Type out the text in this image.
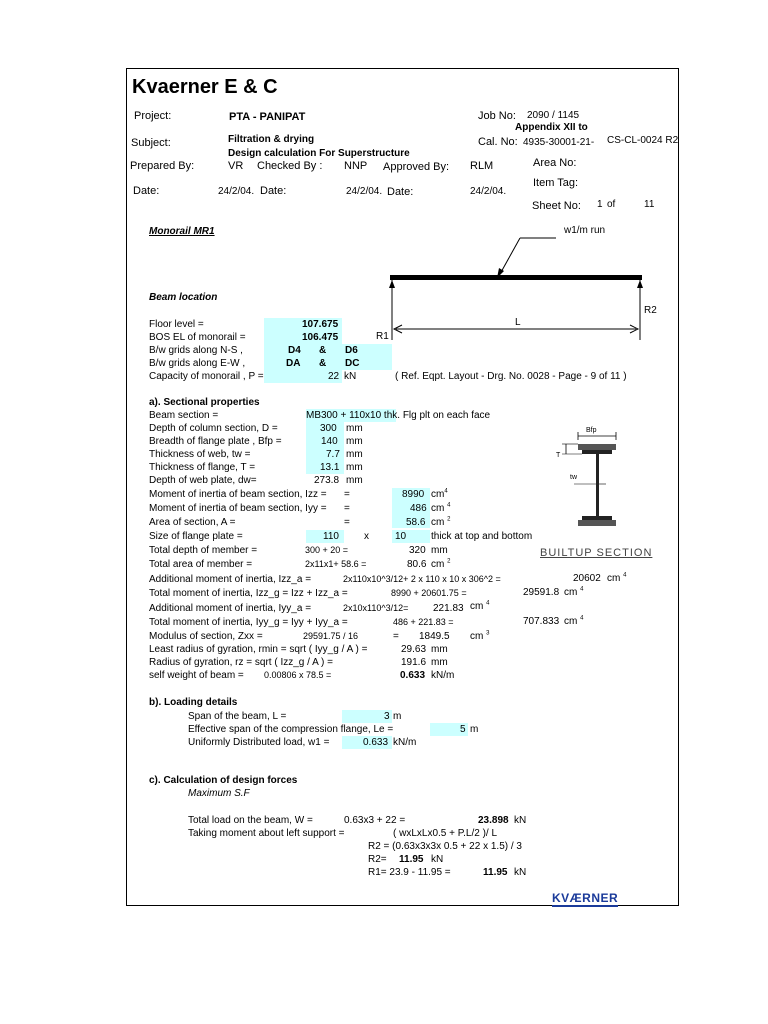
Kvaerner E & C
Project:	PTA - PANIPAT	Job No: 2090 / 1145
Appendix XII to
Subject:	Filtration & drying
Design calculation For Superstructure
Cal. No: 4935-30001-21- CS-CL-0024 R2
Prepared By:	VR Checked By : NNP Approved By: RLM	Area No:
Date:	24/2/04. Date:	24/2/04. Date:	24/2/04.
Item Tag:
Sheet No: 1 of	11
Monorail MR1	w1/m run
L
R1
R2
Beam location
Floor level =	107.675
BOS EL of monorail =	106.475
B/w grids along N-S ,	D4 & D6
B/w grids along E-W ,	DA & DC
Capacity of monorail , P =	22 kN	( Ref. Eqpt. Layout - Drg. No. 0028 - Page - 9 of 11 )
a). Sectional properties
Beam section =	MB300 + 110x10 thk. Flg plt on each face
Depth of column section, D =	300 mm
Breadth of flange plate , Bfp =	140 mm
Thickness of web, tw =	7.7 mm
Thickness of flange, T =	13.1 mm
Depth of web plate, dw=	273.8 mm
Moment of inertia of beam section, Izz = =	8990 $cm^4$
Moment of inertia of beam section, Iyy = =	486 cm $^4$
Area of section, A =	=	58.6 cm $^2$
Size of flange plate =	110	x	10 thick at top and bottom
Total depth of member =	300 + 20 =	320 mm
Total area of member =	2x11x1+ 58.6 =	80.6 cm $^2$
Additional moment of inertia, Izz_a =	2x110x10^3/12+ 2 x 110 x 10 x 306^2 =	20602 cm $^4$
Total moment of inertia, Izz_g = Izz + Izz_a =	8990 + 20601.75 =	29591.8 cm $^4$
Additional moment of inertia, Iyy_a =	2x10x110^3/12= 221.83 cm $^4$
Total moment of inertia, Iyy_g = Iyy + Iyy_a =	486 + 221.83 =	707.833 cm $^4$
Modulus of section, Zxx =	29591.75 / 16	= 1849.5 cm $^3$
Least radius of gyration, rmin = sqrt ( Iyy_g / A ) =	29.63 mm
Radius of gyration, rz = sqrt ( Izz_g / A ) =	191.6 mm
self weight of beam = 0.00806 x 78.5 =	0.633 kN/m
Bfp
T
tw
BUILTUP SECTION
b). Loading details
Span of the beam, L =	3 m
Effective span of the compression flange, Le =	5 m
Uniformly Distributed load, w1 =	0.633 kN/m
c). Calculation of design forces
Maximum S.F
Total load on the beam, W =	0.63x3 + 22 =	23.898 kN
Taking moment about left support =	( wxLxLx0.5 + P.L/2 )/ L
R2 = (0.63x3x3x 0.5 + 22 x 1.5) / 3
R2= 11.95 kN
R1= 23.9 - 11.95 =	11.95 kN
KVÆRNER
